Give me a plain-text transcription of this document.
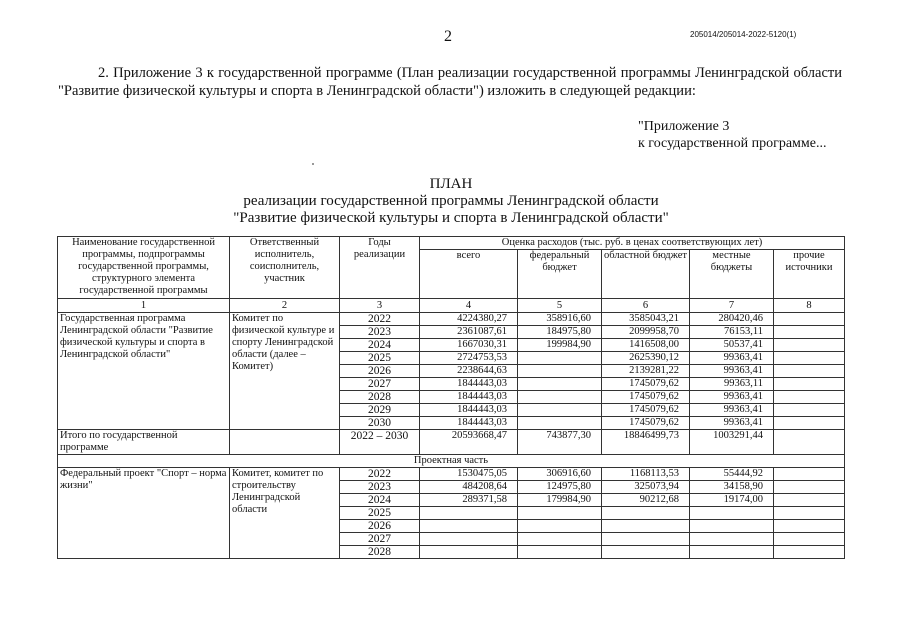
2	205014/205014-2022-5120(1)
2. Приложение 3 к государственной программе (План реализации государственной программы Ленинградской области "Развитие физической культуры и спорта в Ленинградской области") изложить в следующей редакции:
"Приложение 3
к государственной программе...
ПЛАН
реализации государственной программы Ленинградской области
"Развитие физической культуры и спорта в Ленинградской области"
Наименование государственной программы, подпрограммы государственной программы, структурного элемента государственной программы	Ответственный исполнитель, соисполнитель, участник	Годы реализации	Оценка расходов (тыс. руб. в ценах соответствующих лет)				
			всего	федеральный бюджет	областной бюджет	местные бюджеты	прочие источники
1	2	3	4	5	6	7	8
Государственная программа Ленинградской области "Развитие физической культуры и спорта в Ленинградской области"	Комитет по физической культуре и спорту Ленинградской области (далее – Комитет)	2022	4224380,27	358916,60	3585043,21	280420,46	
		2023	2361087,61	184975,80	2099958,70	76153,11	
		2024	1667030,31	199984,90	1416508,00	50537,41	
		2025	2724753,53		2625390,12	99363,41	
		2026	2238644,63		2139281,22	99363,41	
		2027	1844443,03		1745079,62	99363,11	
		2028	1844443,03		1745079,62	99363,41	
		2029	1844443,03		1745079,62	99363,41	
		2030	1844443,03		1745079,62	99363,41	
Итого по государственной программе		2022 – 2030	20593668,47	743877,30	18846499,73	1003291,44	
Проектная часть							
Федеральный проект "Спорт – норма жизни"	Комитет, комитет по строительству Ленинградской области	2022	1530475,05	306916,60	1168113,53	55444,92	
		2023	484208,64	124975,80	325073,94	34158,90	
		2024	289371,58	179984,90	90212,68	19174,00	
		2025					
		2026					
		2027					
		2028					
